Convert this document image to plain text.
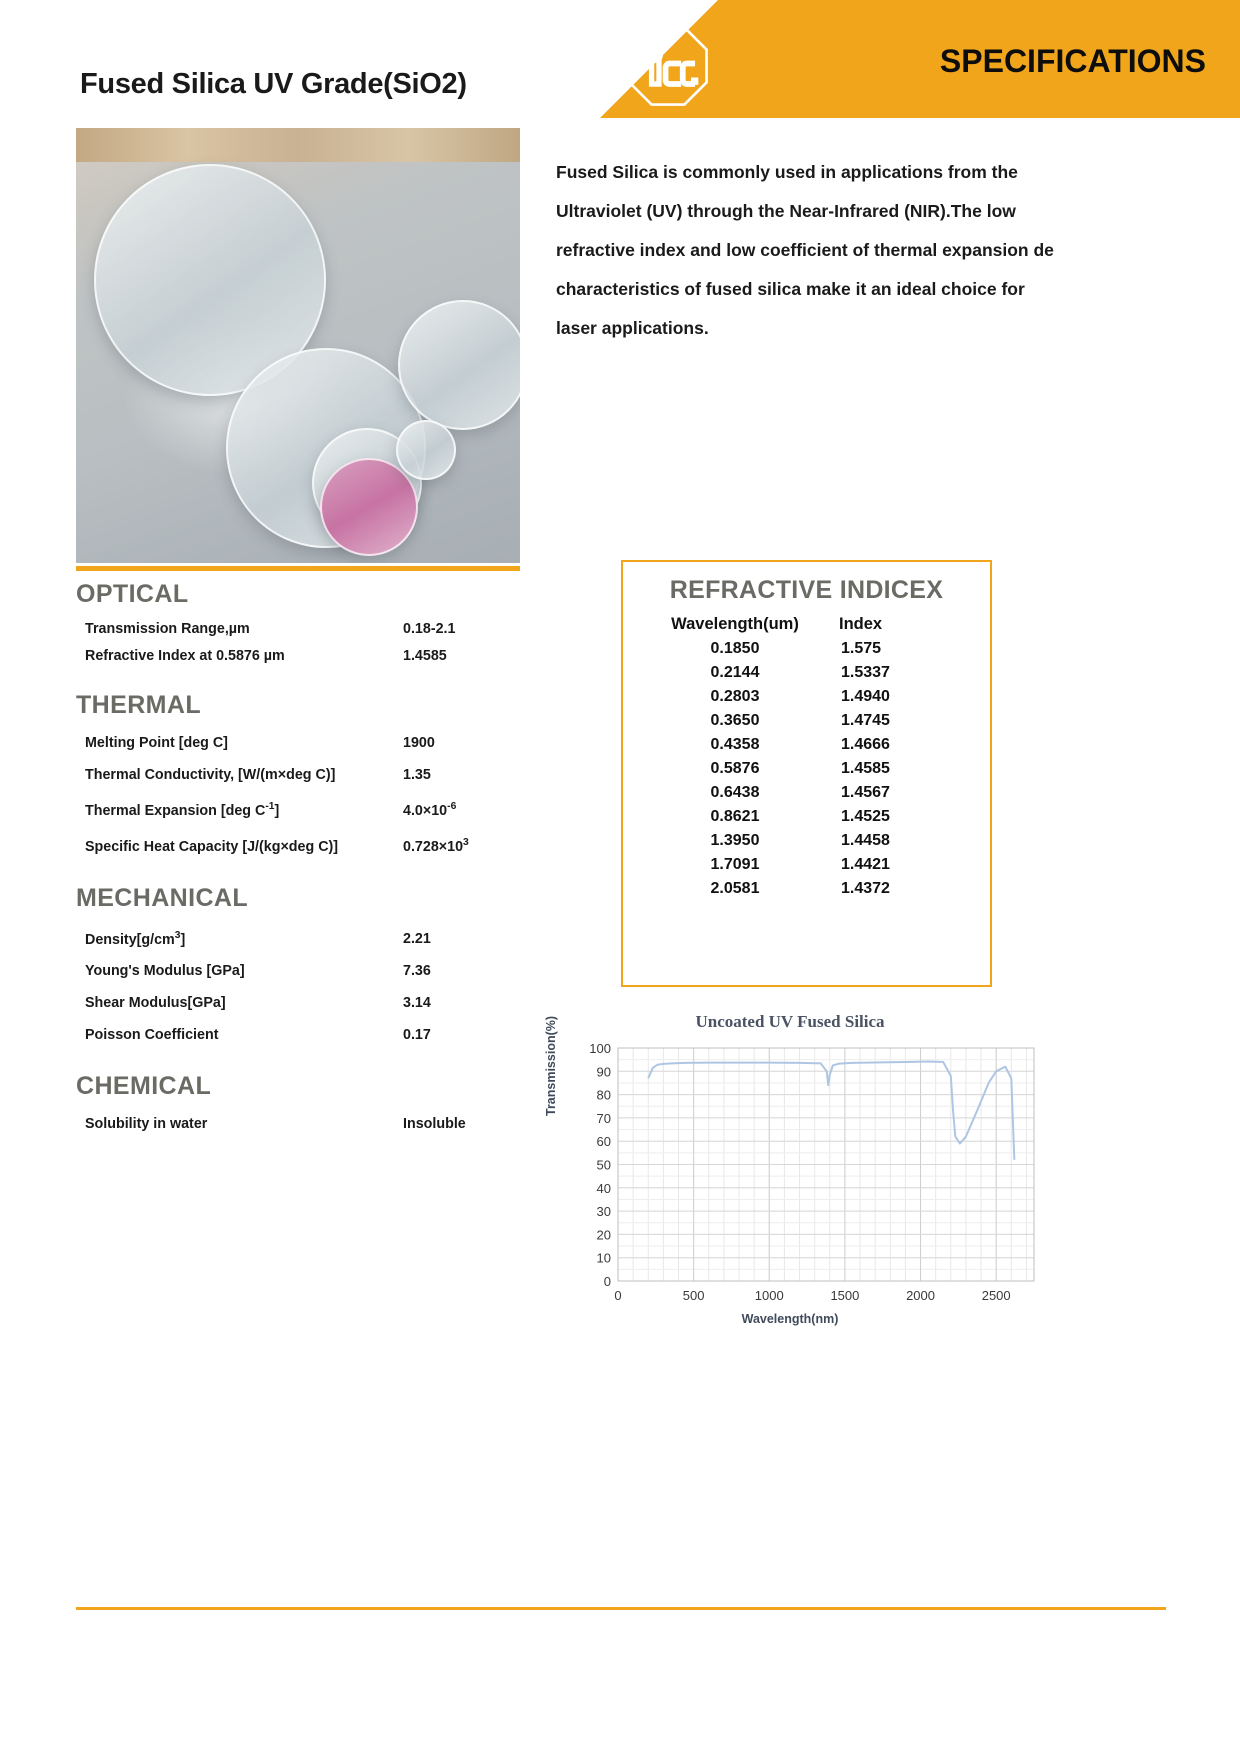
Fused Silica UV Grade(SiO2)
SPECIFICATIONS
Fused Silica is commonly used in applications from the Ultraviolet (UV) through the Near-Infrared (NIR).The low refractive index and low coefficient of thermal expansion de characteristics of fused silica make it an ideal choice for laser applications.
OPTICAL
Transmission Range,µm	0.18-2.1
Refractive Index at 0.5876 µm	1.4585
THERMAL
Melting Point [deg C]	1900
Thermal Conductivity, [W/(m×deg C)]	1.35
Thermal Expansion [deg $C^{-1}$]	$4.0\times 10^{-6}$
Specific Heat Capacity [J/(kg×deg C)]	$0.728\times 10^3$
MECHANICAL
$Density[g/cm^3]$	2.21
Young's Modulus [GPa]	7.36
Shear Modulus[GPa]	3.14
Poisson Coefficient	0.17
CHEMICAL
Solubility in water	Insoluble
REFRACTIVE INDICEX
Wavelength(um)	Index
0.1850	1.575
0.2144	1.5337
0.2803	1.4940
0.3650	1.4745
0.4358	1.4666
0.5876	1.4585
0.6438	1.4567
0.8621	1.4525
1.3950	1.4458
1.7091	1.4421
2.0581	1.4372
Uncoated UV Fused Silica
Transmission(%)
Wavelength(nm)
0
10
20
30
40
50
60
70
80
90
100
0	500	1000	1500	2000	2500
